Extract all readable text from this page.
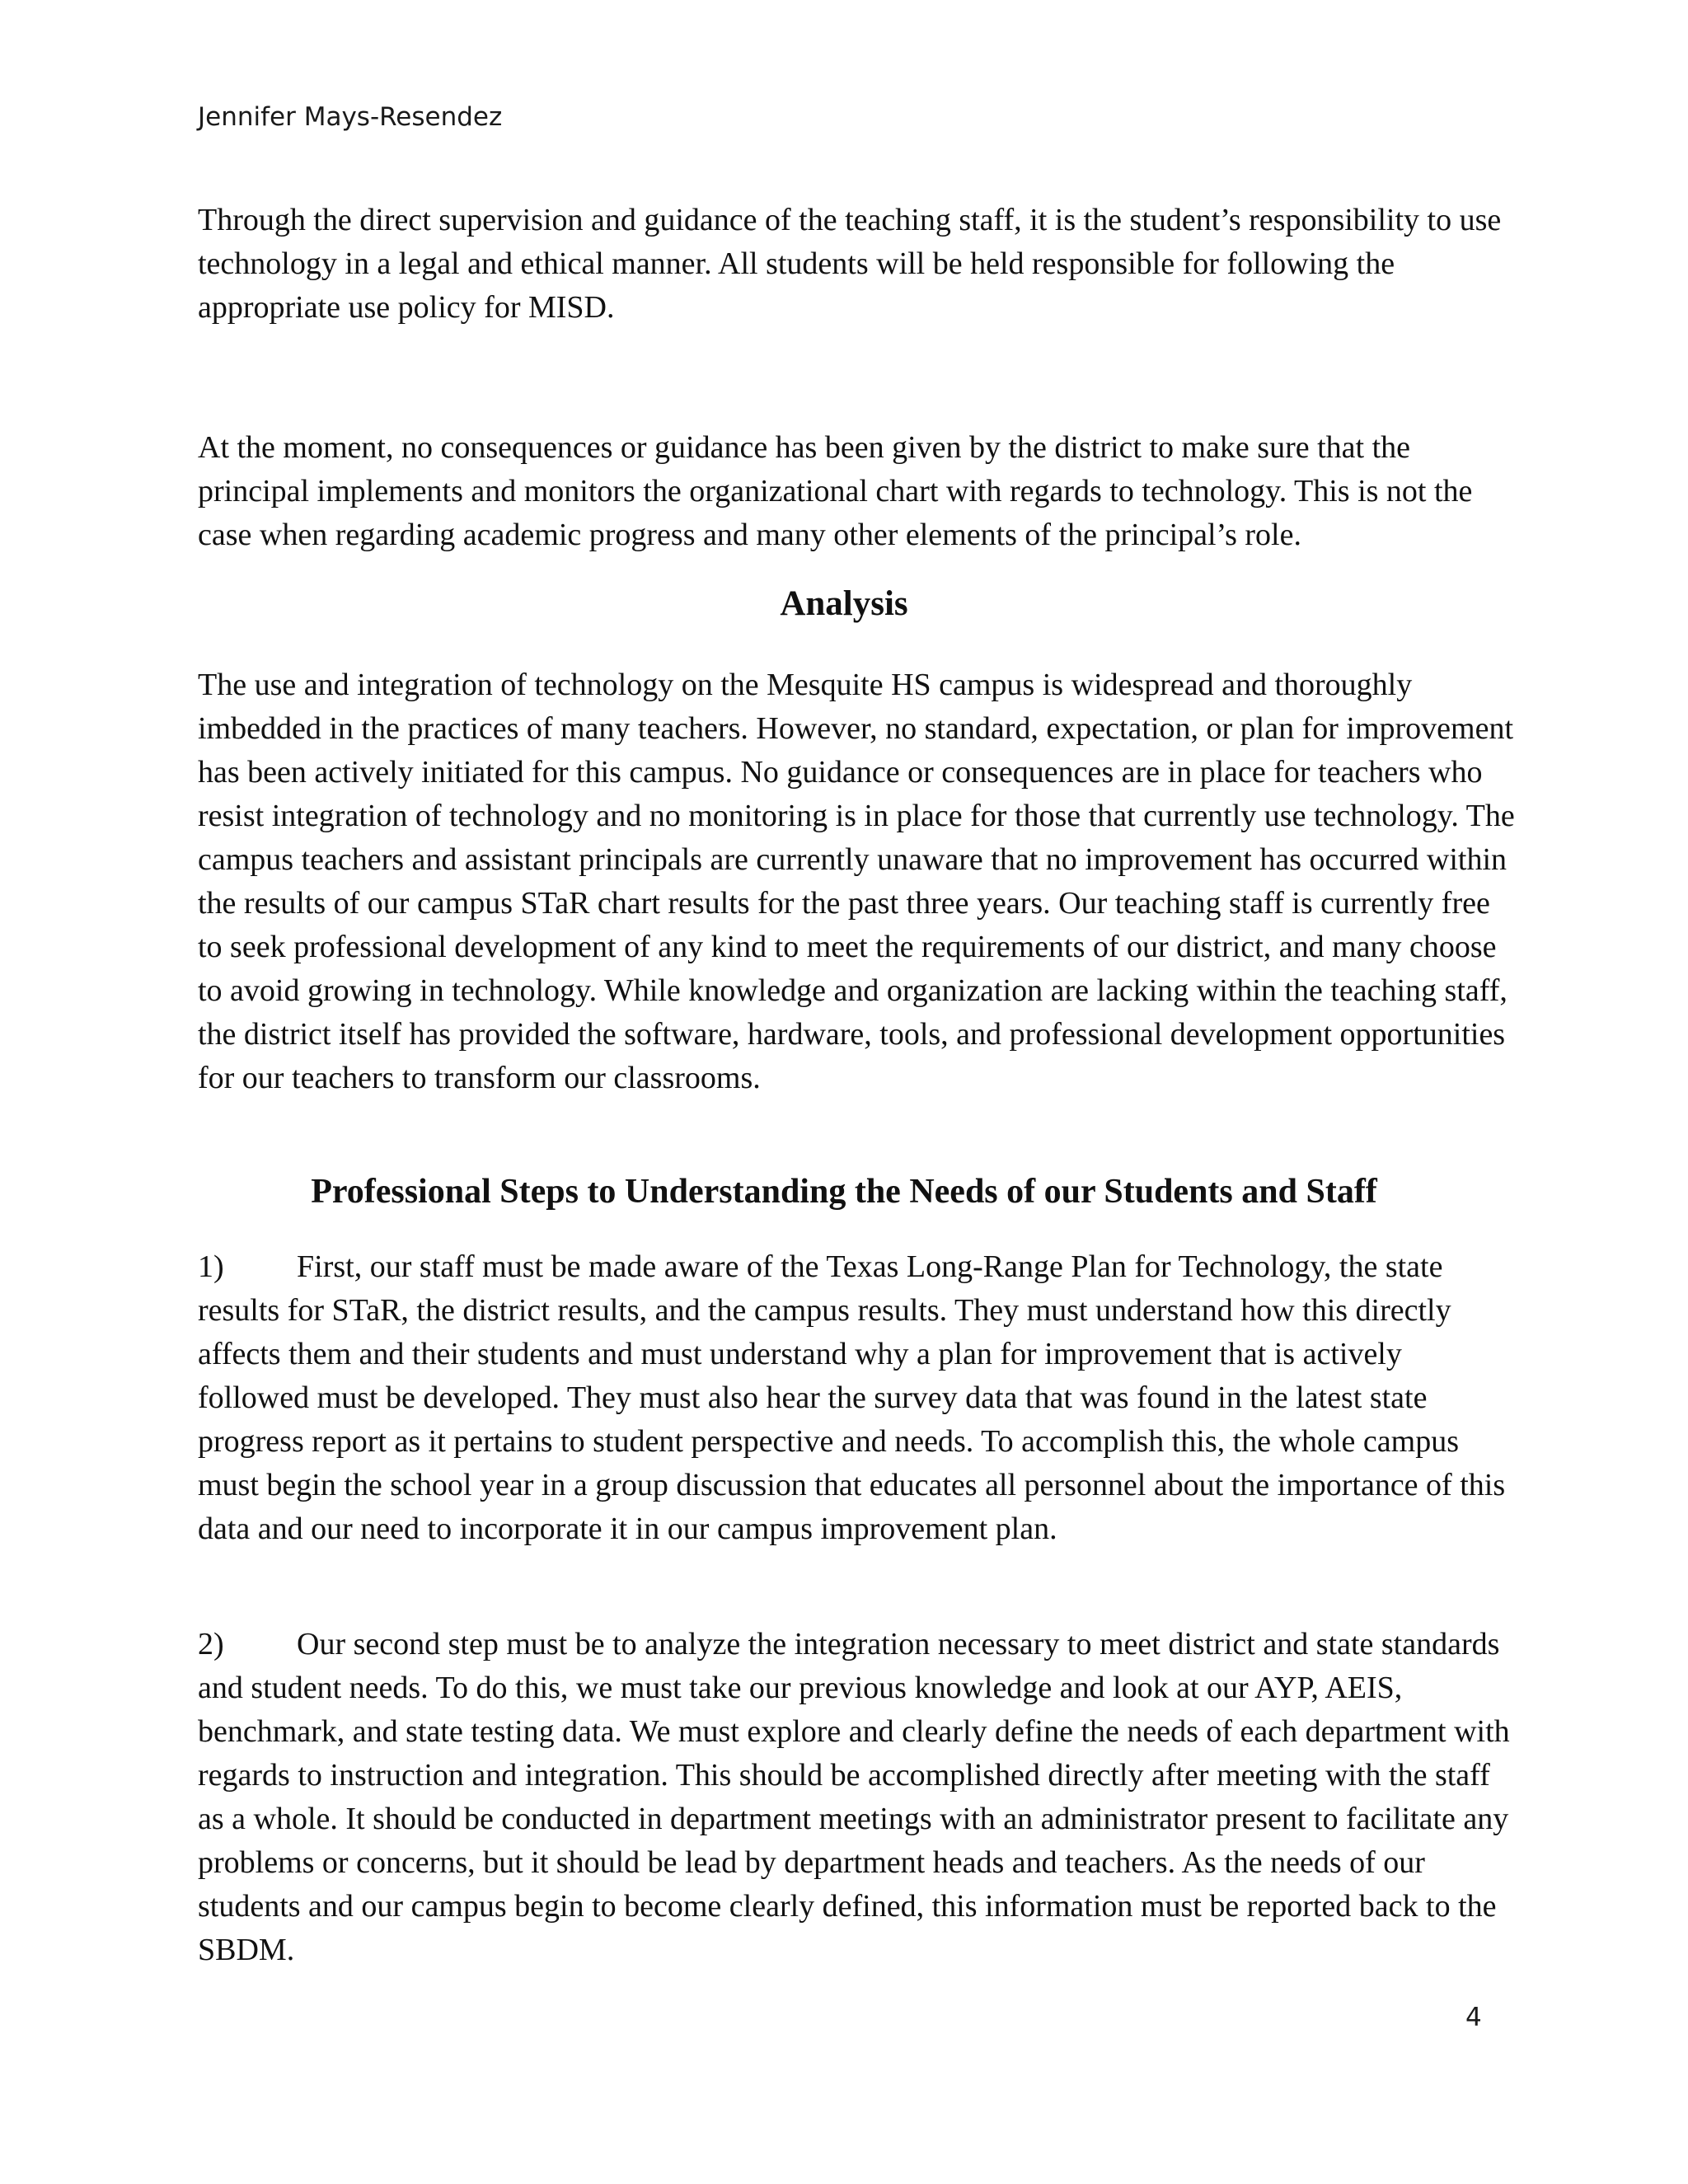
Jennifer Mays-Resendez

Through the direct supervision and guidance of the teaching staff, it is the student’s responsibility to use technology in a legal and ethical manner. All students will be held responsible for following the appropriate use policy for MISD.

At the moment, no consequences or guidance has been given by the district to make sure that the principal implements and monitors the organizational chart with regards to technology. This is not the case when regarding academic progress and many other elements of the principal’s role.

Analysis

The use and integration of technology on the Mesquite HS campus is widespread and thoroughly imbedded in the practices of many teachers. However, no standard, expectation, or plan for improvement has been actively initiated for this campus. No guidance or consequences are in place for teachers who resist integration of technology and no monitoring is in place for those that currently use technology. The campus teachers and assistant principals are currently unaware that no improvement has occurred within the results of our campus STaR chart results for the past three years. Our teaching staff is currently free to seek professional development of any kind to meet the requirements of our district, and many choose to avoid growing in technology. While knowledge and organization are lacking within the teaching staff, the district itself has provided the software, hardware, tools, and professional development opportunities for our teachers to transform our classrooms.

Professional Steps to Understanding the Needs of our Students and Staff

1) First, our staff must be made aware of the Texas Long-Range Plan for Technology, the state results for STaR, the district results, and the campus results. They must understand how this directly affects them and their students and must understand why a plan for improvement that is actively followed must be developed. They must also hear the survey data that was found in the latest state progress report as it pertains to student perspective and needs. To accomplish this, the whole campus must begin the school year in a group discussion that educates all personnel about the importance of this data and our need to incorporate it in our campus improvement plan.

2) Our second step must be to analyze the integration necessary to meet district and state standards and student needs. To do this, we must take our previous knowledge and look at our AYP, AEIS, benchmark, and state testing data. We must explore and clearly define the needs of each department with regards to instruction and integration. This should be accomplished directly after meeting with the staff as a whole. It should be conducted in department meetings with an administrator present to facilitate any problems or concerns, but it should be lead by department heads and teachers. As the needs of our students and our campus begin to become clearly defined, this information must be reported back to the SBDM.

4
